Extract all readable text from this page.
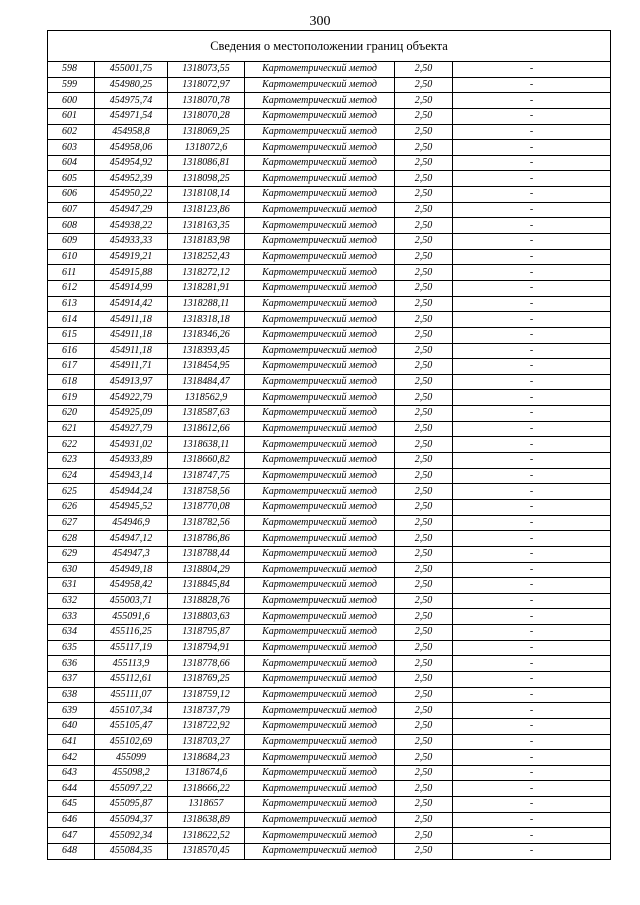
300
Сведения о местоположении границ объекта					
598	455001,75	1318073,55	Картометрический метод	2,50	-
599	454980,25	1318072,97	Картометрический метод	2,50	-
600	454975,74	1318070,78	Картометрический метод	2,50	-
601	454971,54	1318070,28	Картометрический метод	2,50	-
602	454958,8	1318069,25	Картометрический метод	2,50	-
603	454958,06	1318072,6	Картометрический метод	2,50	-
604	454954,92	1318086,81	Картометрический метод	2,50	-
605	454952,39	1318098,25	Картометрический метод	2,50	-
606	454950,22	1318108,14	Картометрический метод	2,50	-
607	454947,29	1318123,86	Картометрический метод	2,50	-
608	454938,22	1318163,35	Картометрический метод	2,50	-
609	454933,33	1318183,98	Картометрический метод	2,50	-
610	454919,21	1318252,43	Картометрический метод	2,50	-
611	454915,88	1318272,12	Картометрический метод	2,50	-
612	454914,99	1318281,91	Картометрический метод	2,50	-
613	454914,42	1318288,11	Картометрический метод	2,50	-
614	454911,18	1318318,18	Картометрический метод	2,50	-
615	454911,18	1318346,26	Картометрический метод	2,50	-
616	454911,18	1318393,45	Картометрический метод	2,50	-
617	454911,71	1318454,95	Картометрический метод	2,50	-
618	454913,97	1318484,47	Картометрический метод	2,50	-
619	454922,79	1318562,9	Картометрический метод	2,50	-
620	454925,09	1318587,63	Картометрический метод	2,50	-
621	454927,79	1318612,66	Картометрический метод	2,50	-
622	454931,02	1318638,11	Картометрический метод	2,50	-
623	454933,89	1318660,82	Картометрический метод	2,50	-
624	454943,14	1318747,75	Картометрический метод	2,50	-
625	454944,24	1318758,56	Картометрический метод	2,50	-
626	454945,52	1318770,08	Картометрический метод	2,50	-
627	454946,9	1318782,56	Картометрический метод	2,50	-
628	454947,12	1318786,86	Картометрический метод	2,50	-
629	454947,3	1318788,44	Картометрический метод	2,50	-
630	454949,18	1318804,29	Картометрический метод	2,50	-
631	454958,42	1318845,84	Картометрический метод	2,50	-
632	455003,71	1318828,76	Картометрический метод	2,50	-
633	455091,6	1318803,63	Картометрический метод	2,50	-
634	455116,25	1318795,87	Картометрический метод	2,50	-
635	455117,19	1318794,91	Картометрический метод	2,50	-
636	455113,9	1318778,66	Картометрический метод	2,50	-
637	455112,61	1318769,25	Картометрический метод	2,50	-
638	455111,07	1318759,12	Картометрический метод	2,50	-
639	455107,34	1318737,79	Картометрический метод	2,50	-
640	455105,47	1318722,92	Картометрический метод	2,50	-
641	455102,69	1318703,27	Картометрический метод	2,50	-
642	455099	1318684,23	Картометрический метод	2,50	-
643	455098,2	1318674,6	Картометрический метод	2,50	-
644	455097,22	1318666,22	Картометрический метод	2,50	-
645	455095,87	1318657	Картометрический метод	2,50	-
646	455094,37	1318638,89	Картометрический метод	2,50	-
647	455092,34	1318622,52	Картометрический метод	2,50	-
648	455084,35	1318570,45	Картометрический метод	2,50	-
